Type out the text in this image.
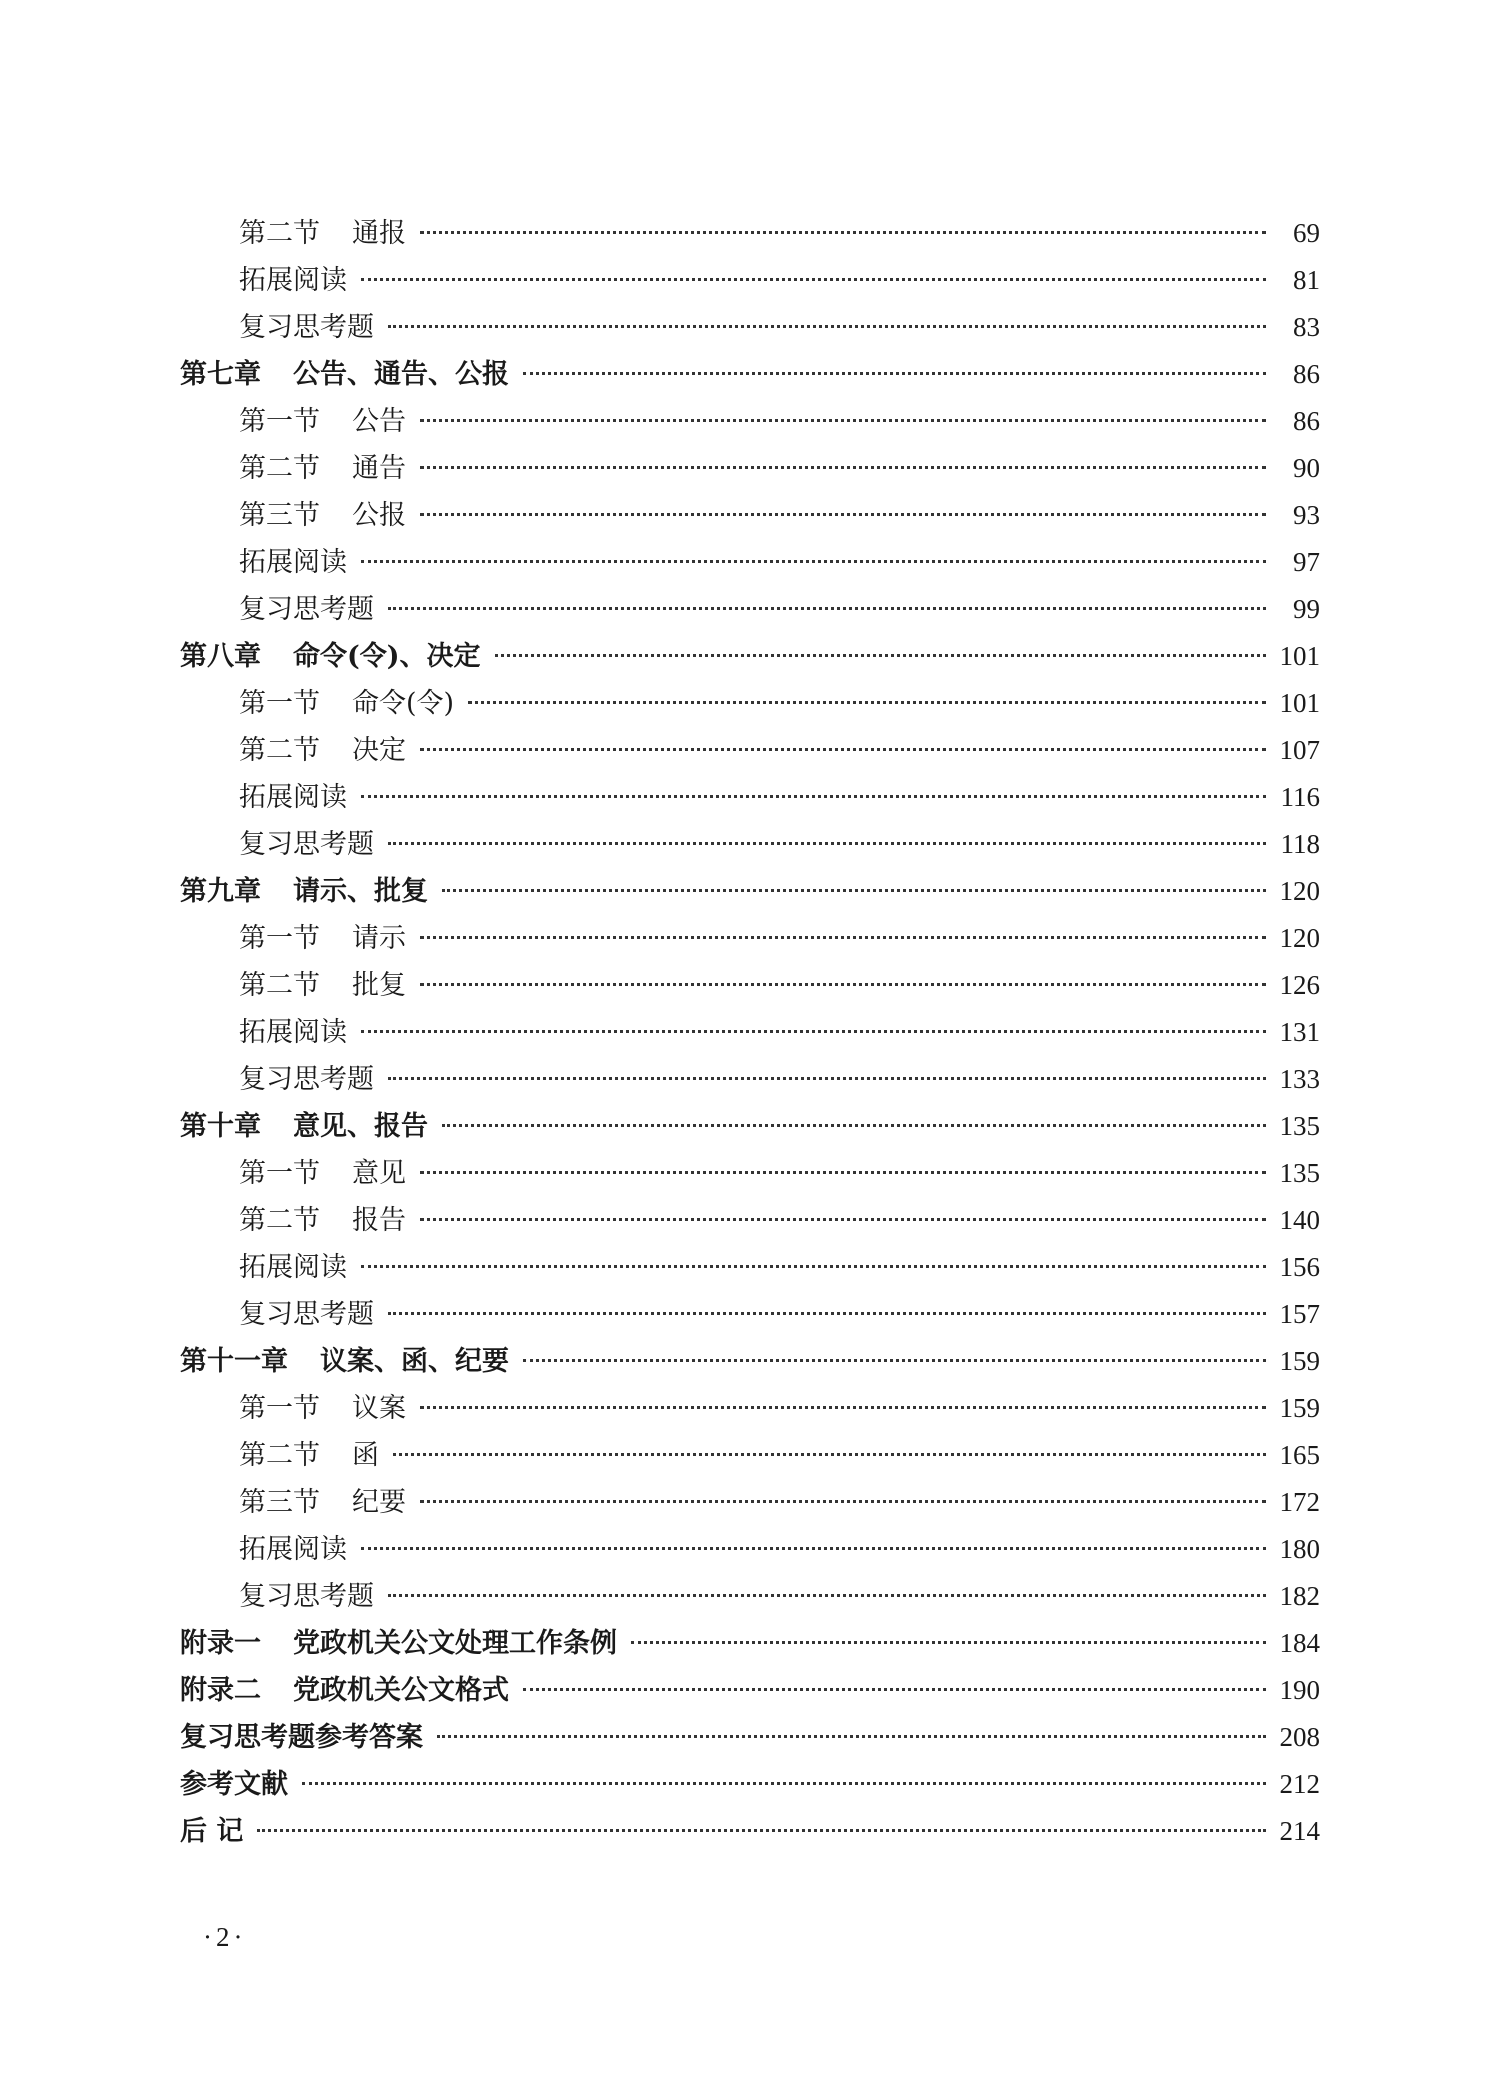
第二节 通报	69
拓展阅读	81
复习思考题	83
第七章 公告、通告、公报	86
第一节 公告	86
第二节 通告	90
第三节 公报	93
拓展阅读	97
复习思考题	99
第八章 命令(令)、决定	101
第一节 命令(令)	101
第二节 决定	107
拓展阅读	116
复习思考题	118
第九章 请示、批复	120
第一节 请示	120
第二节 批复	126
拓展阅读	131
复习思考题	133
第十章 意见、报告	135
第一节 意见	135
第二节 报告	140
拓展阅读	156
复习思考题	157
第十一章 议案、函、纪要	159
第一节 议案	159
第二节 函	165
第三节 纪要	172
拓展阅读	180
复习思考题	182
附录一 党政机关公文处理工作条例	184
附录二 党政机关公文格式	190
复习思考题参考答案	208
参考文献	212
后 记	214
·2·
